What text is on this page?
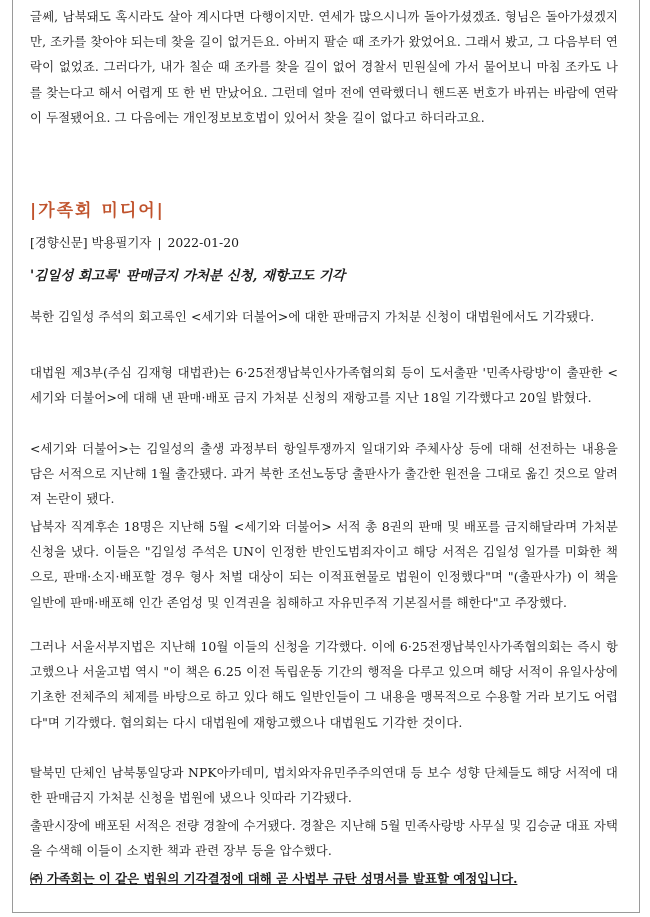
글쎄, 남북돼도 혹시라도 살아 계시다면 다행이지만. 연세가 많으시니까 돌아가셨겠죠. 형님은 돌아가셨겠지만, 조카를 찾아야 되는데 찾을 길이 없거든요. 아버지 팔순 때 조카가 왔었어요. 그래서 봤고, 그 다음부터 연락이 없었죠. 그러다가, 내가 칠순 때 조카를 찾을 길이 없어 경찰서 민원실에 가서 물어보니 마침 조카도 나를 찾는다고 해서 어렵게 또 한 번 만났어요. 그런데 얼마 전에 연락했더니 핸드폰 번호가 바뀌는 바람에 연락이 두절됐어요. 그 다음에는 개인정보보호법이 있어서 찾을 길이 없다고 하더라고요.

|가족회 미디어|
[경향신문] 박용필기자 | 2022-01-20
'김일성 회고록' 판매금지 가처분 신청, 재항고도 기각

북한 김일성 주석의 회고록인 <세기와 더불어>에 대한 판매금지 가처분 신청이 대법원에서도 기각됐다.

대법원 제3부(주심 김재형 대법관)는 6·25전쟁납북인사가족협의회 등이 도서출판 '민족사랑방'이 출판한 <세기와 더불어>에 대해 낸 판매·배포 금지 가처분 신청의 재항고를 지난 18일 기각했다고 20일 밝혔다.

<세기와 더불어>는 김일성의 출생 과정부터 항일투쟁까지 일대기와 주체사상 등에 대해 선전하는 내용을 담은 서적으로 지난해 1월 출간됐다. 과거 북한 조선노동당 출판사가 출간한 원전을 그대로 옮긴 것으로 알려져 논란이 됐다.

납북자 직계후손 18명은 지난해 5월 <세기와 더불어> 서적 총 8권의 판매 및 배포를 금지해달라며 가처분 신청을 냈다. 이들은 "김일성 주석은 UN이 인정한 반인도범죄자이고 해당 서적은 김일성 일가를 미화한 책으로, 판매·소지·배포할 경우 형사 처벌 대상이 되는 이적표현물로 법원이 인정했다"며 "(출판사가) 이 책을 일반에 판매·배포해 인간 존엄성 및 인격권을 침해하고 자유민주적 기본질서를 해한다"고 주장했다.

그러나 서울서부지법은 지난해 10월 이들의 신청을 기각했다. 이에 6·25전쟁납북인사가족협의회는 즉시 항고했으나 서울고법 역시 "이 책은 6.25 이전 독립운동 기간의 행적을 다루고 있으며 해당 서적이 유일사상에 기초한 전체주의 체제를 바탕으로 하고 있다 해도 일반인들이 그 내용을 맹목적으로 수용할 거라 보기도 어렵다"며 기각했다. 협의회는 다시 대법원에 재항고했으나 대법원도 기각한 것이다.

탈북민 단체인 남북통일당과 NPK아카데미, 법치와자유민주주의연대 등 보수 성향 단체들도 해당 서적에 대한 판매금지 가처분 신청을 법원에 냈으나 잇따라 기각됐다.

출판시장에 배포된 서적은 전량 경찰에 수거됐다. 경찰은 지난해 5월 민족사랑방 사무실 및 김승균 대표 자택을 수색해 이들이 소지한 책과 관련 장부 등을 압수했다.

㈜ 가족회는 이 같은 법원의 기각결정에 대해 곧 사법부 규탄 성명서를 발표할 예정입니다.
